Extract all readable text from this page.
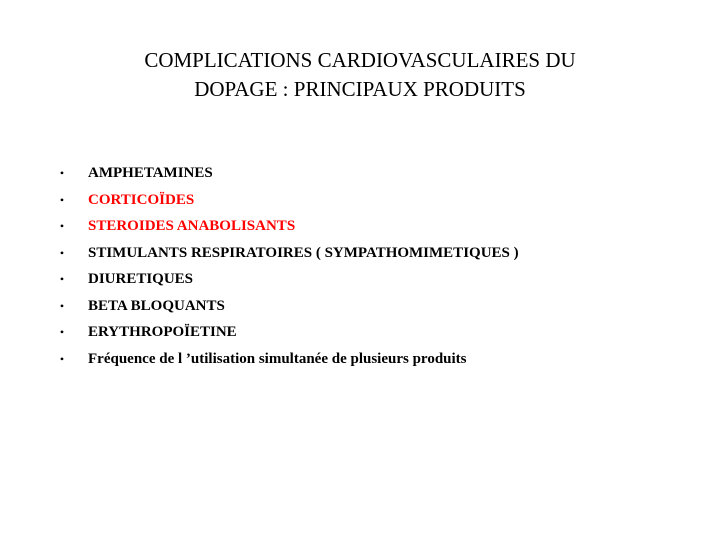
COMPLICATIONS CARDIOVASCULAIRES DU
DOPAGE : PRINCIPAUX PRODUITS
• AMPHETAMINES
• CORTICOÏDES
• STEROIDES ANABOLISANTS
• STIMULANTS RESPIRATOIRES ( SYMPATHOMIMETIQUES )
• DIURETIQUES
• BETA BLOQUANTS
• ERYTHROPOÏETINE
• Fréquence de l ’utilisation simultanée de plusieurs produits
